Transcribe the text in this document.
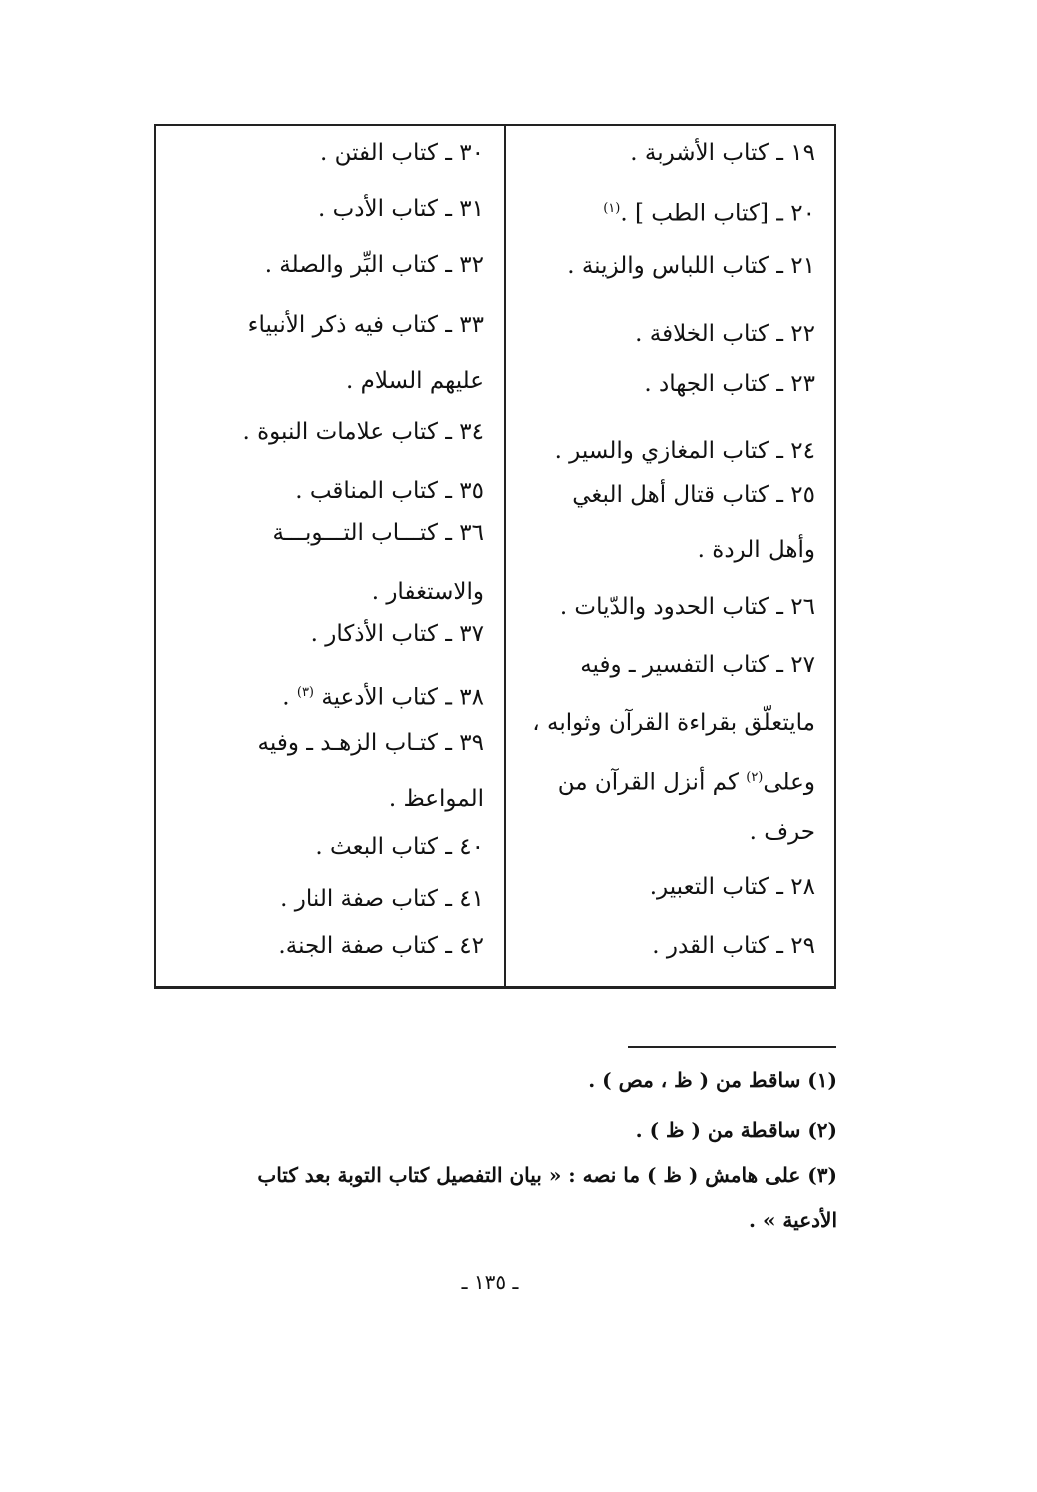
١٩ ـ كتاب الأشربة .
٢٠ ـ [كتاب الطب ] .$^{(١)}$
٢١ ـ كتاب اللباس والزينة .
٢٢ ـ كتاب الخلافة .
٢٣ ـ كتاب الجهاد .
٢٤ ـ كتاب المغازي والسير .
٢٥ ـ كتاب قتال أهل البغي
وأهل الردة .
٢٦ ـ كتاب الحدود والدّيات .
٢٧ ـ كتاب التفسير ـ وفيه
مايتعلّق بقراءة القرآن وثوابه ،
وعلى$^{(٢)}$ كم أنزل القرآن من
حرف .
٢٨ ـ كتاب التعبير.
٢٩ ـ كتاب القدر .
٣٠ ـ كتاب الفتن .
٣١ ـ كتاب الأدب .
٣٢ ـ كتاب البِّر والصلة .
٣٣ ـ كتاب فيه ذكر الأنبياء
عليهم السلام .
٣٤ ـ كتاب علامات النبوة .
٣٥ ـ كتاب المناقب .
٣٦ ـ كتـــاب التـــوبـــة
والاستغفار .
٣٧ ـ كتاب الأذكار .
٣٨ ـ كتاب الأدعية $^{(٣)}$ .
٣٩ ـ كتـاب الزهـد ـ وفيه
المواعظ .
٤٠ ـ كتاب البعث .
٤١ ـ كتاب صفة النار .
٤٢ ـ كتاب صفة الجنة.
(١) ساقط من ( ظ ، مص ) .
(٢) ساقطة من ( ظ ) .
(٣) على هامش ( ظ ) ما نصه : « بيان التفصيل كتاب التوبة بعد كتاب
الأدعية » .
ـ ١٣٥ ـ
